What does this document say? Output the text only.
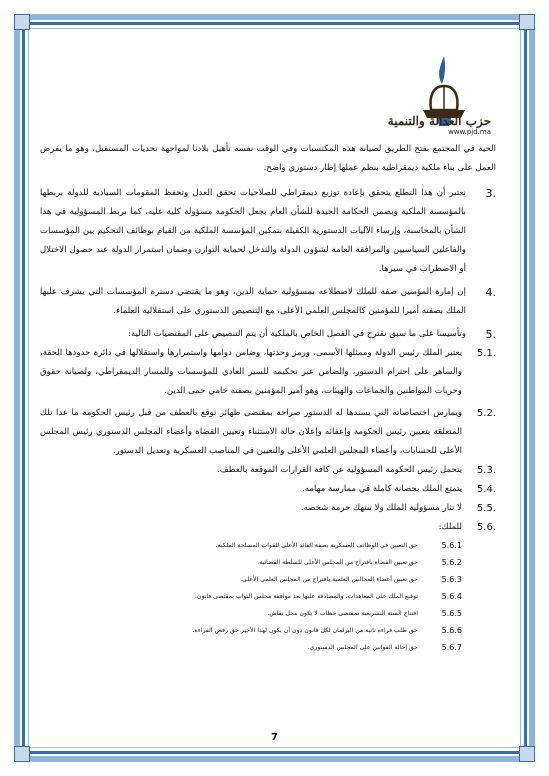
حزب العدالة والتنمية
www.pjd.ma

الحية في المجتمع بفتح الطريق لصيانة هذه المكتسبات وفي الوقت نفسه تأهيل بلادنا لمواجهة تحديات المستقبل، وهو ما يفرض العمل على بناء ملكية ديمقراطية بنظم عملها إطار دستوري واضح.

3.
نعتبر أن هذا التطلع يتحقق بإعادة توزيع ديمقراطي للصلاحيات تحقق العدل وتحفظ المقومات السيادية للدولة بربطها بالمؤسسة الملكية وبضمن الحكامة الجيدة للشأن العام بجعل الحكومة مسؤولة كلية عليه، كما بربط المسؤولية في هذا الشأن بالمحاسبة، وإرساء الآليات الدستورية الكفيلة بتمكين المؤسسة الملكية من القيام بوظائف التحكيم بين المؤسسات والفاعلين السياسيين والمرافقة العامة لشؤون الدولة والتدخل لحماية التوازن وضمان استمرار الدولة عند حصول الاختلال أو الاضطراب في سيرها.
4.
إن إمارة المؤمنين صفة للملك لاضطلاعه بمسؤولية حماية الدين، وهو ما يقتضي دسترة المؤسسات التي يشرف عليها الملك بصفته أميرا للمؤمنين كالمجلس العلمي الأعلى، مع التنصيص الدستوري على استقلالية العلماء.
5.
وتأسيسا على ما سبق نقترح في الفصل الخاص بالملكية أن يتم التنصيص على المقتضيات التالية:
5.1.
يعتبر الملك رئيس الدولة وممثلها الأسمى، ورمز وحدتها، وضامن دوامها واستمرارها واستقلالها في دائرة حدودها الحقة، والساهر على احترام الدستور، والضامن عبر تحكيمه للسير العادي للمؤسسات وللمسار الديمقراطي، ولصيانة حقوق وحريات المواطنين والجماعات والهيئات، وهو أمير المؤمنين بصفته حامي حمى الدين.
5.2.
ويمارس اختصاصاته التي يسندها له الدستور صراحة بمقتضى ظهائر توقع بالعطف من قبل رئيس الحكومة ما عدا تلك المتعلقة بتعيين رئيس الحكومة وإعفائه وإعلان حالة الاستثناء وتعيين القضاة وأعضاء المجلس الدستوري رئيس المجلس الأعلى للحسابات، وأعضاء المجلس العلمي الأعلى والتعيين في المناصب العسكرية وتعديل الدستور.
5.3.
يتحمل رئيس الحكومة المسؤولية عن كافة القرارات الموقعة بالعطف.
5.4.
يتمتع الملك بحصانة كاملة في ممارسة مهامه.
5.5.
لا تثار مسؤولية الملك ولا تنتهك حرمة شخصه.
5.6.
للملك:
5.6.1
حق التعيين في الوظائف العسكرية بصفة القائد الأعلى للقوات المسلحة الملكية.
5.6.2
حق تعيين القضاة باقتراح من المجلس الأعلى للسلطة القضائية.
5.6.3
حق تعيين أعضاء المجالس العلمية باقتراح من المجلس العلمي الأعلى.
5.6.4
توقيع الملك على المعاهدات، والمصادقة عليها بعد موافقة مجلس النواب بمقتضى قانون.
5.6.5
افتتاح السنة التشريعية بمقتضى خطاب لا يكون محل نقاش.
5.6.6
حق طلب قراءة ثانية من البرلمان لكل قانون دون أن يكون لهذا الأخير حق رفض القراءة.
5.6.7
حق إحالة القوانين على المجلس الدستوري.
7
